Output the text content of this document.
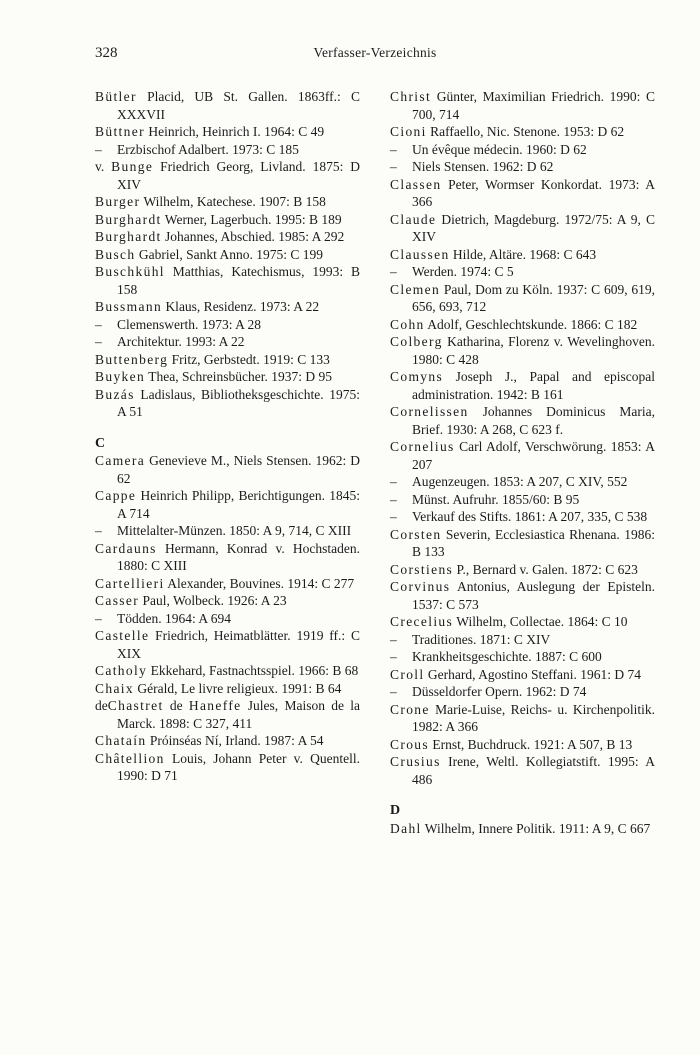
328	Verfasser-Verzeichnis

Bütler Placid, UB St. Gallen. 1863ff.: C XXXVII

Büttner Heinrich, Heinrich I. 1964: C 49

– Erzbischof Adalbert. 1973: C 185

v. Bunge Friedrich Georg, Livland. 1875: D XIV

Burger Wilhelm, Katechese. 1907: B 158

Burghardt Werner, Lagerbuch. 1995: B 189

Burghardt Johannes, Abschied. 1985: A 292

Busch Gabriel, Sankt Anno. 1975: C 199

Buschkühl Matthias, Katechismus, 1993: B 158

Bussmann Klaus, Residenz. 1973: A 22

– Clemenswerth. 1973: A 28

– Architektur. 1993: A 22

Buttenberg Fritz, Gerbstedt. 1919: C 133

Buyken Thea, Schreinsbücher. 1937: D 95

Buzás Ladislaus, Bibliotheksgeschichte. 1975: A 51

C

Camera Genevieve M., Niels Stensen. 1962: D 62

Cappe Heinrich Philipp, Berichtigungen. 1845: A 714

– Mittelalter-Münzen. 1850: A 9, 714, C XIII

Cardauns Hermann, Konrad v. Hochstaden. 1880: C XIII

Cartellieri Alexander, Bouvines. 1914: C 277

Casser Paul, Wolbeck. 1926: A 23

– Tödden. 1964: A 694

Castelle Friedrich, Heimatblätter. 1919 ff.: C XIX

Catholy Ekkehard, Fastnachtsspiel. 1966: B 68

Chaix Gérald, Le livre religieux. 1991: B 64

deChastret de Haneffe Jules, Maison de la Marck. 1898: C 327, 411

Chataín Próinséas Ní, Irland. 1987: A 54

Châtellion Louis, Johann Peter v. Quentell. 1990: D 71

Christ Günter, Maximilian Friedrich. 1990: C 700, 714

Cioni Raffaello, Nic. Stenone. 1953: D 62

– Un évêque médecin. 1960: D 62

– Niels Stensen. 1962: D 62

Classen Peter, Wormser Konkordat. 1973: A 366

Claude Dietrich, Magdeburg. 1972/75: A 9, C XIV

Claussen Hilde, Altäre. 1968: C 643

– Werden. 1974: C 5

Clemen Paul, Dom zu Köln. 1937: C 609, 619, 656, 693, 712

Cohn Adolf, Geschlechtskunde. 1866: C 182

Colberg Katharina, Florenz v. Wevelinghoven. 1980: C 428

Comyns Joseph J., Papal and episcopal administration. 1942: B 161

Cornelissen Johannes Dominicus Maria, Brief. 1930: A 268, C 623 f.

Cornelius Carl Adolf, Verschwörung. 1853: A 207

– Augenzeugen. 1853: A 207, C XIV, 552

– Münst. Aufruhr. 1855/60: B 95

– Verkauf des Stifts. 1861: A 207, 335, C 538

Corsten Severin, Ecclesiastica Rhenana. 1986: B 133

Corstiens P., Bernard v. Galen. 1872: C 623

Corvinus Antonius, Auslegung der Episteln. 1537: C 573

Crecelius Wilhelm, Collectae. 1864: C 10

– Traditiones. 1871: C XIV

– Krankheitsgeschichte. 1887: C 600

Croll Gerhard, Agostino Steffani. 1961: D 74

– Düsseldorfer Opern. 1962: D 74

Crone Marie-Luise, Reichs- u. Kirchenpolitik. 1982: A 366

Crous Ernst, Buchdruck. 1921: A 507, B 13

Crusius Irene, Weltl. Kollegiatstift. 1995: A 486

D

Dahl Wilhelm, Innere Politik. 1911: A 9, C 667
